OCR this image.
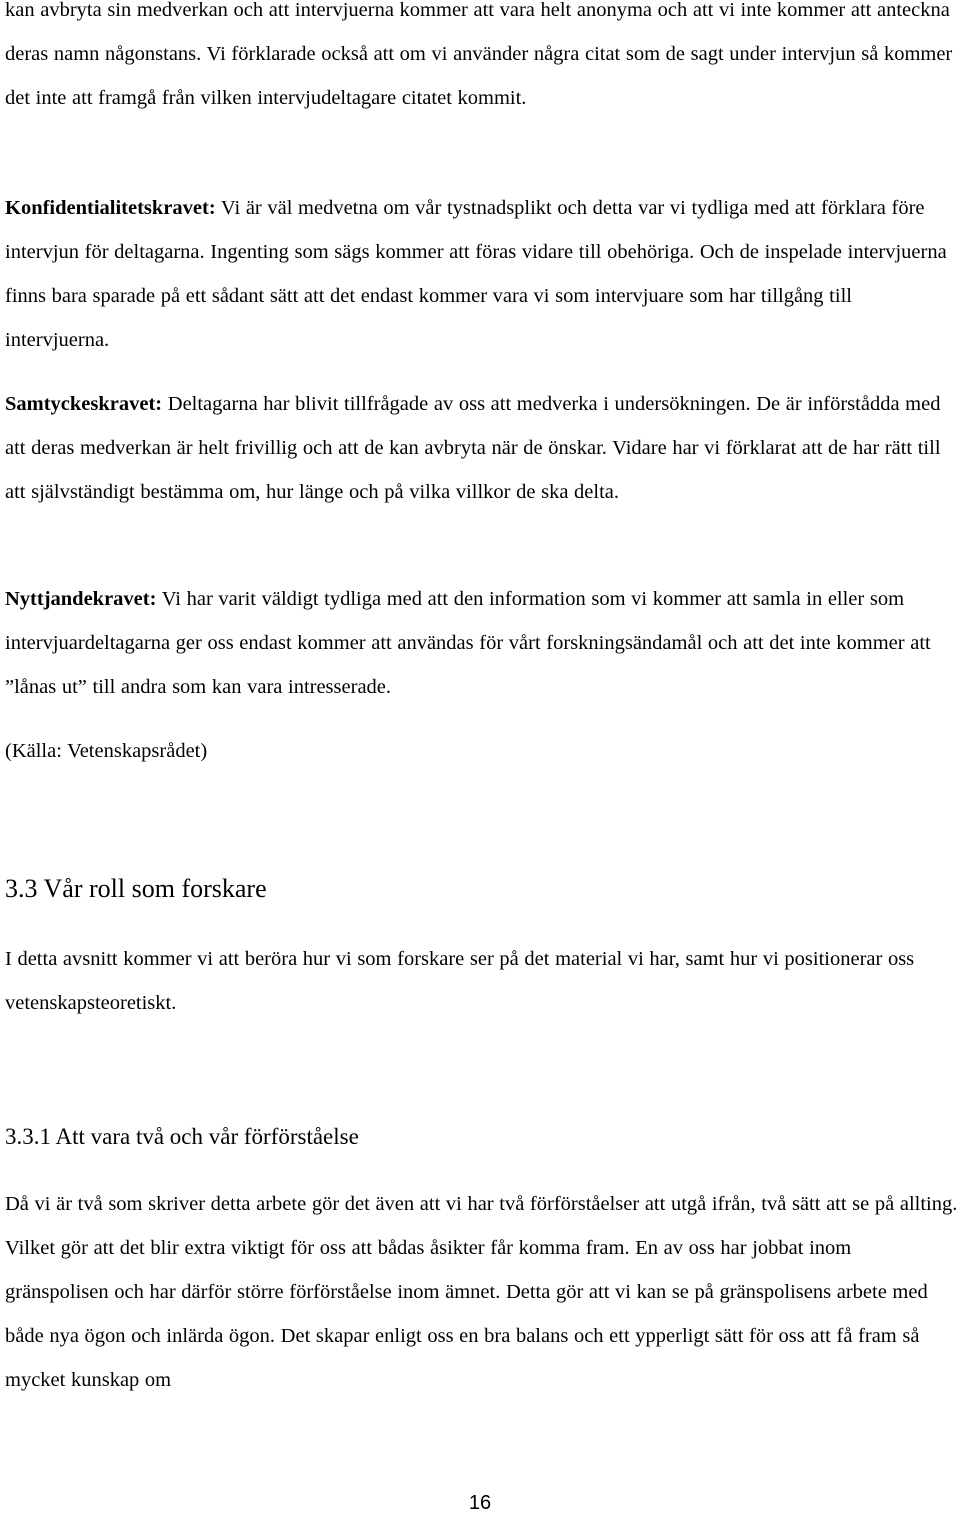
kan avbryta sin medverkan och att intervjuerna kommer att vara helt anonyma och att vi inte kommer att anteckna deras namn någonstans. Vi förklarade också att om vi använder några citat som de sagt under intervjun så kommer det inte att framgå från vilken intervjudeltagare citatet kommit.

Konfidentialitetskravet: Vi är väl medvetna om vår tystnadsplikt och detta var vi tydliga med att förklara före intervjun för deltagarna. Ingenting som sägs kommer att föras vidare till obehöriga. Och de inspelade intervjuerna finns bara sparade på ett sådant sätt att det endast kommer vara vi som intervjuare som har tillgång till intervjuerna.

Samtyckeskravet: Deltagarna har blivit tillfrågade av oss att medverka i undersökningen. De är införstådda med att deras medverkan är helt frivillig och att de kan avbryta när de önskar. Vidare har vi förklarat att de har rätt till att självständigt bestämma om, hur länge och på vilka villkor de ska delta.

Nyttjandekravet: Vi har varit väldigt tydliga med att den information som vi kommer att samla in eller som intervjuardeltagarna ger oss endast kommer att användas för vårt forskningsändamål och att det inte kommer att ”lånas ut” till andra som kan vara intresserade.

(Källa: Vetenskapsrådet)

3.3 Vår roll som forskare

I detta avsnitt kommer vi att beröra hur vi som forskare ser på det material vi har, samt hur vi positionerar oss vetenskapsteoretiskt.

3.3.1 Att vara två och vår förförståelse

Då vi är två som skriver detta arbete gör det även att vi har två förförståelser att utgå ifrån, två sätt att se på allting. Vilket gör att det blir extra viktigt för oss att bådas åsikter får komma fram. En av oss har jobbat inom gränspolisen och har därför större förförståelse inom ämnet. Detta gör att vi kan se på gränspolisens arbete med både nya ögon och inlärda ögon. Det skapar enligt oss en bra balans och ett ypperligt sätt för oss att få fram så mycket kunskap om

16
